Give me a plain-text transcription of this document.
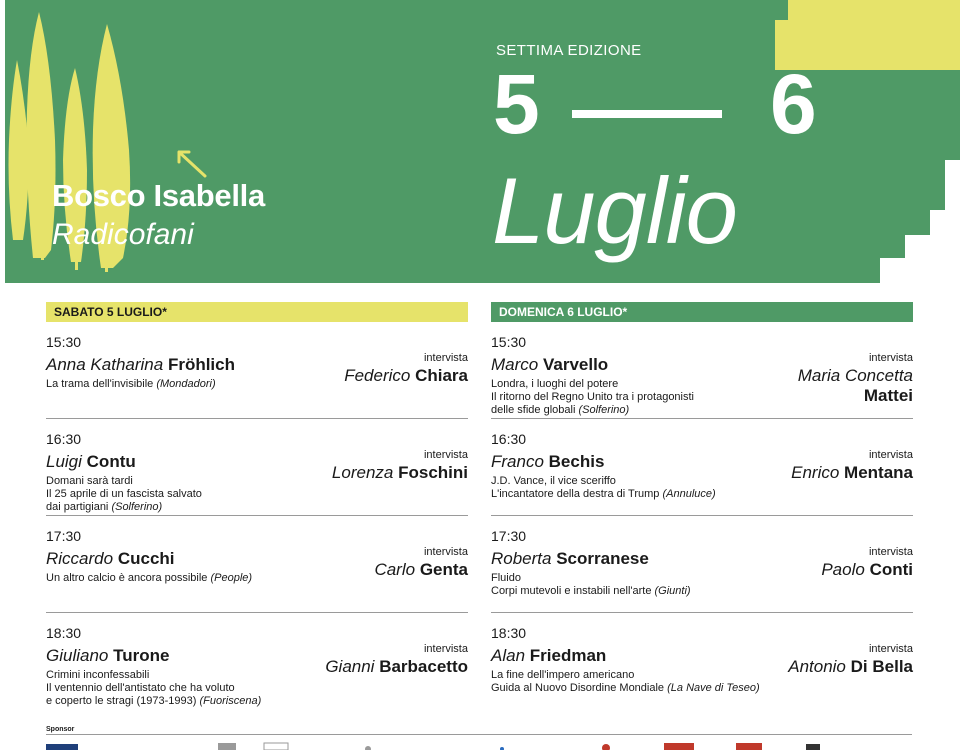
Bosco Isabella
Radicofani
SETTIMA EDIZIONE
5	6
Luglio
SABATO 5 LUGLIO*
15:30
Anna Katharina Fröhlich
La trama dell'invisibile (Mondadori)
intervista
Federico Chiara
16:30
Luigi Contu
Domani sarà tardi
Il 25 aprile di un fascista salvato
dai partigiani (Solferino)
intervista
Lorenza Foschini
17:30
Riccardo Cucchi
Un altro calcio è ancora possibile (People)
intervista
Carlo Genta
18:30
Giuliano Turone
Crimini inconfessabili
Il ventennio dell'antistato che ha voluto
e coperto le stragi (1973-1993) (Fuoriscena)
intervista
Gianni Barbacetto
DOMENICA 6 LUGLIO*
15:30
Marco Varvello
Londra, i luoghi del potere
Il ritorno del Regno Unito tra i protagonisti
delle sfide globali (Solferino)
intervista
Maria Concetta
Mattei
16:30
Franco Bechis
J.D. Vance, il vice sceriffo
L'incantatore della destra di Trump (Annuluce)
intervista
Enrico Mentana
17:30
Roberta Scorranese
Fluido
Corpi mutevoli e instabili nell'arte (Giunti)
intervista
Paolo Conti
18:30
Alan Friedman
La fine dell'impero americano
Guida al Nuovo Disordine Mondiale (La Nave di Teseo)
intervista
Antonio Di Bella
Sponsor
